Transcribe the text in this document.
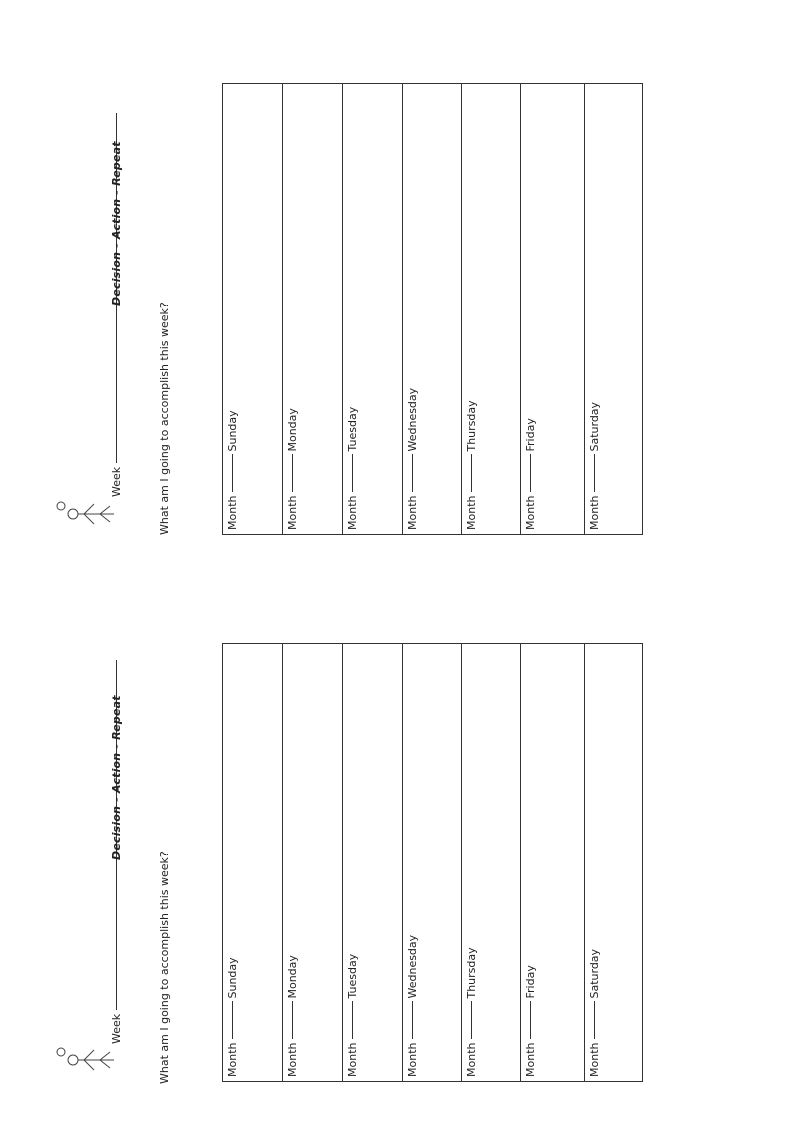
Week
Decision - Action - Repeat
What am I going to accomplish this week?	MonthSunday
MonthMonday
MonthTuesday
MonthWednesday
MonthThursday
MonthFriday
MonthSaturday
Week
Decision - Action - Repeat
What am I going to accomplish this week?	MonthSunday
MonthMonday
MonthTuesday
MonthWednesday
MonthThursday
MonthFriday
MonthSaturday
